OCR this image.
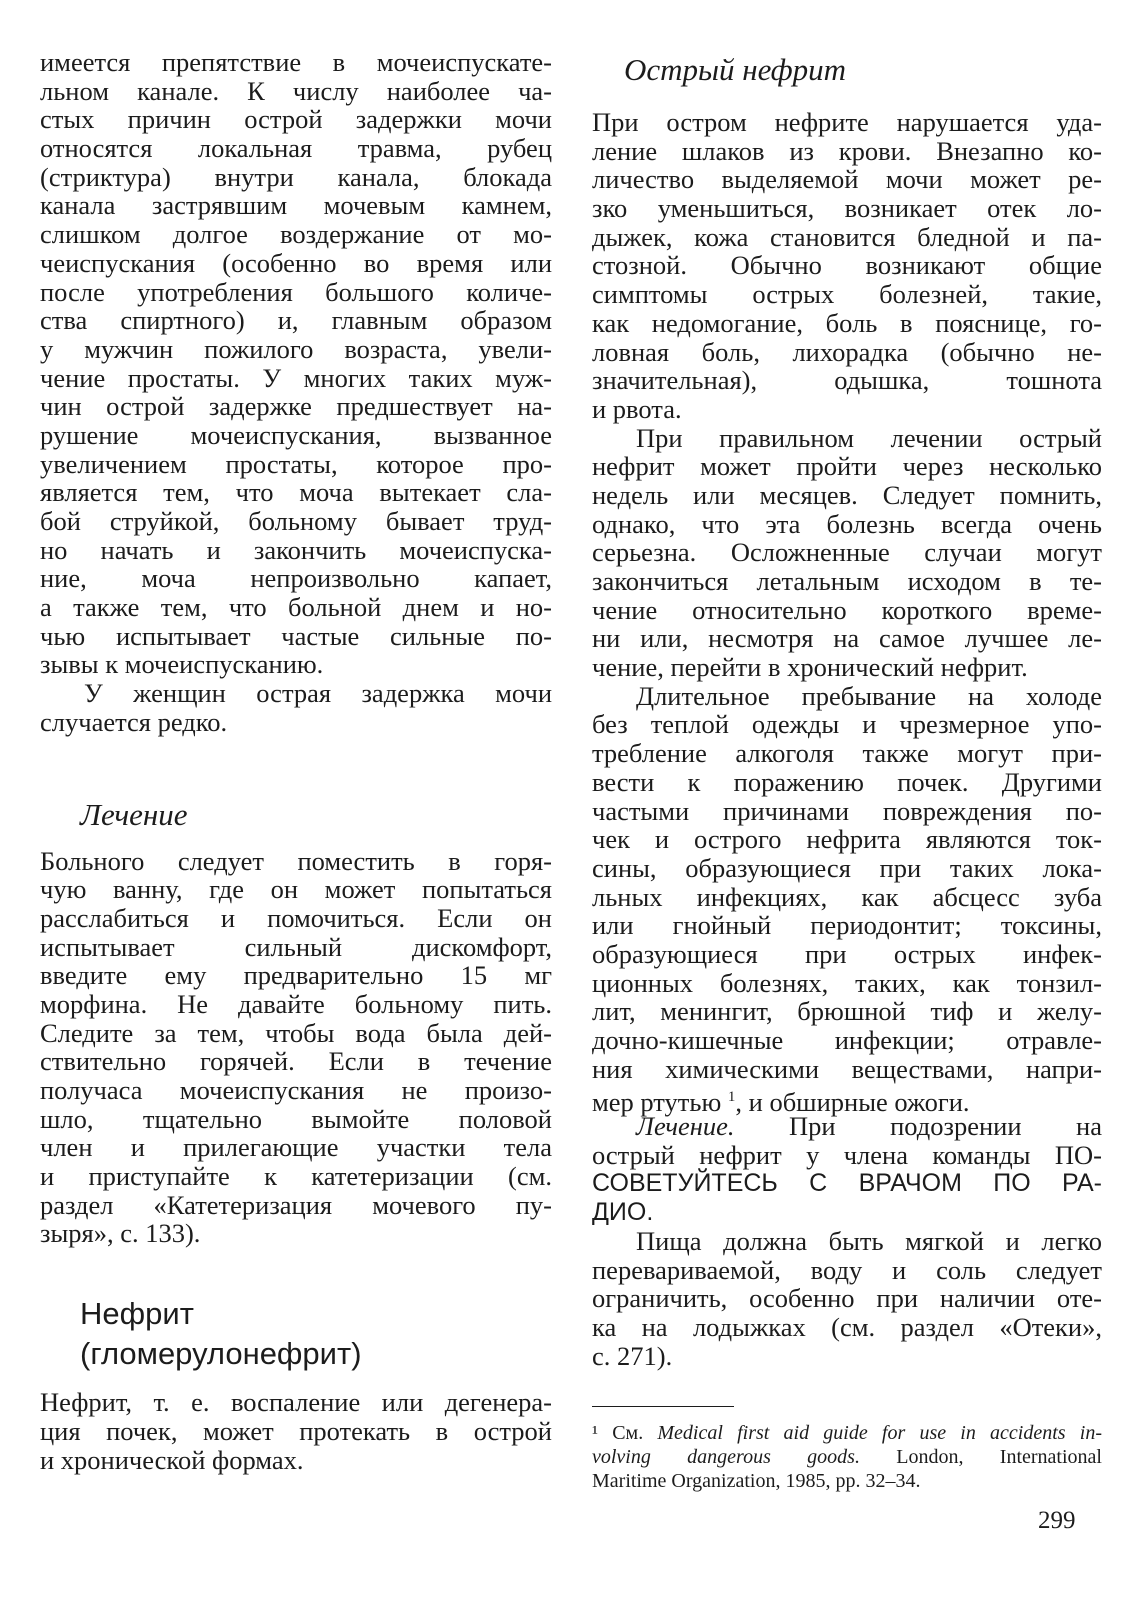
имеется препятствие в мочеиспускате-
льном канале. К числу наиболее ча-
стых причин острой задержки мочи
относятся локальная травма, рубец
(стриктура) внутри канала, блокада
канала застрявшим мочевым камнем,
слишком долгое воздержание от мо-
чеиспускания (особенно во время или
после употребления большого количе-
ства спиртного) и, главным образом
у мужчин пожилого возраста, увели-
чение простаты. У многих таких муж-
чин острой задержке предшествует на-
рушение мочеиспускания, вызванное
увеличением простаты, которое про-
является тем, что моча вытекает сла-
бой струйкой, больному бывает труд-
но начать и закончить мочеиспуска-
ние, моча непроизвольно капает,
а также тем, что больной днем и но-
чью испытывает частые сильные по-
зывы к мочеиспусканию.
У женщин острая задержка мочи
случается редко.
Лечение
Больного следует поместить в горя-
чую ванну, где он может попытаться
расслабиться и помочиться. Если он
испытывает сильный дискомфорт,
введите ему предварительно 15 мг
морфина. Не давайте больному пить.
Следите за тем, чтобы вода была дей-
ствительно горячей. Если в течение
получаса мочеиспускания не произо-
шло, тщательно вымойте половой
член и прилегающие участки тела
и приступайте к катетеризации (см.
раздел «Катетеризация мочевого пу-
зыря», с. 133).
Нефрит
(гломерулонефрит)
Нефрит, т. е. воспаление или дегенера-
ция почек, может протекать в острой
и хронической формах.
Острый нефрит
При остром нефрите нарушается уда-
ление шлаков из крови. Внезапно ко-
личество выделяемой мочи может ре-
зко уменьшиться, возникает отек ло-
дыжек, кожа становится бледной и па-
стозной. Обычно возникают общие
симптомы острых болезней, такие,
как недомогание, боль в пояснице, го-
ловная боль, лихорадка (обычно не-
значительная), одышка, тошнота
и рвота.
При правильном лечении острый
нефрит может пройти через несколько
недель или месяцев. Следует помнить,
однако, что эта болезнь всегда очень
серьезна. Осложненные случаи могут
закончиться летальным исходом в те-
чение относительно короткого време-
ни или, несмотря на самое лучшее ле-
чение, перейти в хронический нефрит.
Длительное пребывание на холоде
без теплой одежды и чрезмерное упо-
требление алкоголя также могут при-
вести к поражению почек. Другими
частыми причинами повреждения по-
чек и острого нефрита являются ток-
сины, образующиеся при таких лока-
льных инфекциях, как абсцесс зуба
или гнойный периодонтит; токсины,
образующиеся при острых инфек-
ционных болезнях, таких, как тонзил-
лит, менингит, брюшной тиф и желу-
дочно-кишечные инфекции; отравле-
ния химическими веществами, напри-
мер ртутью $^1$, и обширные ожоги.
Лечение. При подозрении на
острый нефрит у члена команды ПО-
СОВЕТУЙТЕСЬ С ВРАЧОМ ПО РА-
ДИО.
Пища должна быть мягкой и легко
перевариваемой, воду и соль следует
ограничить, особенно при наличии оте-
ка на лодыжках (см. раздел «Отеки»,
с. 271).
¹ См. Medical first aid guide for use in accidents in-
volving dangerous goods. London, International
Maritime Organization, 1985, pp. 32–34.
299
